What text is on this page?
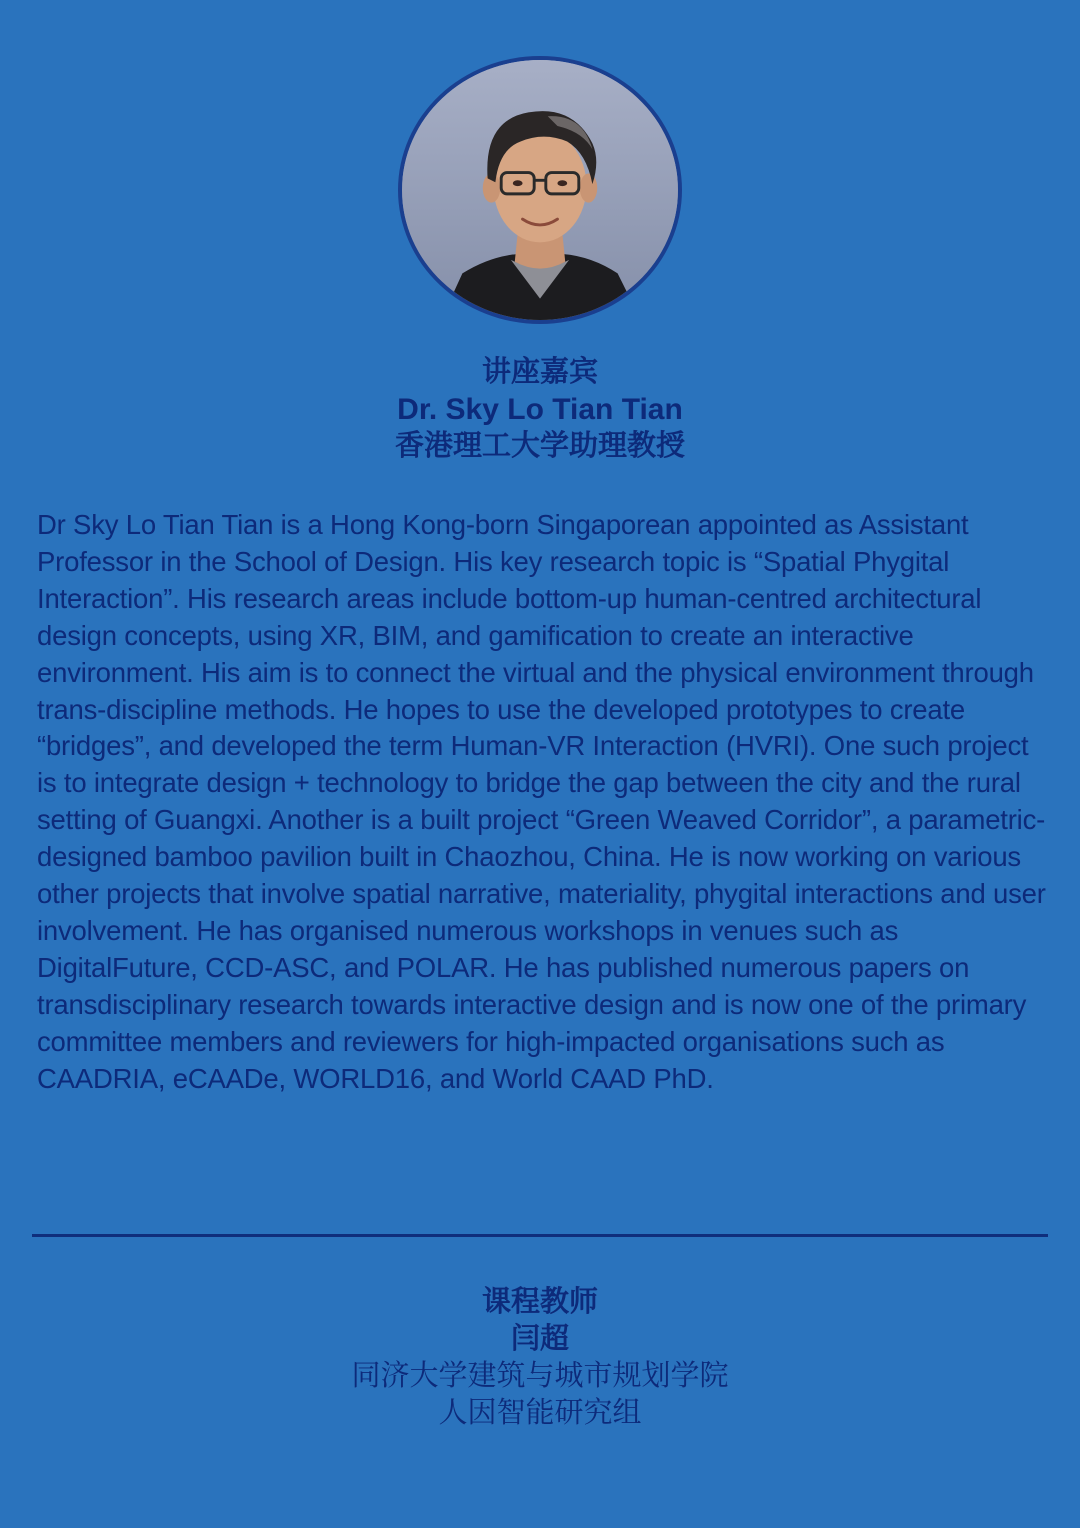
讲座嘉宾
Dr. Sky Lo Tian Tian
香港理工大学助理教授

Dr Sky Lo Tian Tian is a Hong Kong-born Singaporean appointed as Assistant Professor in the School of Design. His key research topic is “Spatial Phygital Interaction”. His research areas include bottom-up human-centred architectural design concepts, using XR, BIM, and gamification to create an interactive environment. His aim is to connect the virtual and the physical environment through trans-discipline methods. He hopes to use the developed prototypes to create “bridges”, and developed the term Human-VR Interaction (HVRI). One such project is to integrate design + technology to bridge the gap between the city and the rural setting of Guangxi. Another is a built project “Green Weaved Corridor”, a parametric-designed bamboo pavilion built in Chaozhou, China. He is now working on various other projects that involve spatial narrative, materiality, phygital interactions and user involvement. He has organised numerous workshops in venues such as DigitalFuture, CCD-ASC, and POLAR. He has published numerous papers on transdisciplinary research towards interactive design and is now one of the primary committee members and reviewers for high-impacted organisations such as CAADRIA, eCAADe, WORLD16, and World CAAD PhD.

课程教师
闫超
同济大学建筑与城市规划学院
人因智能研究组
